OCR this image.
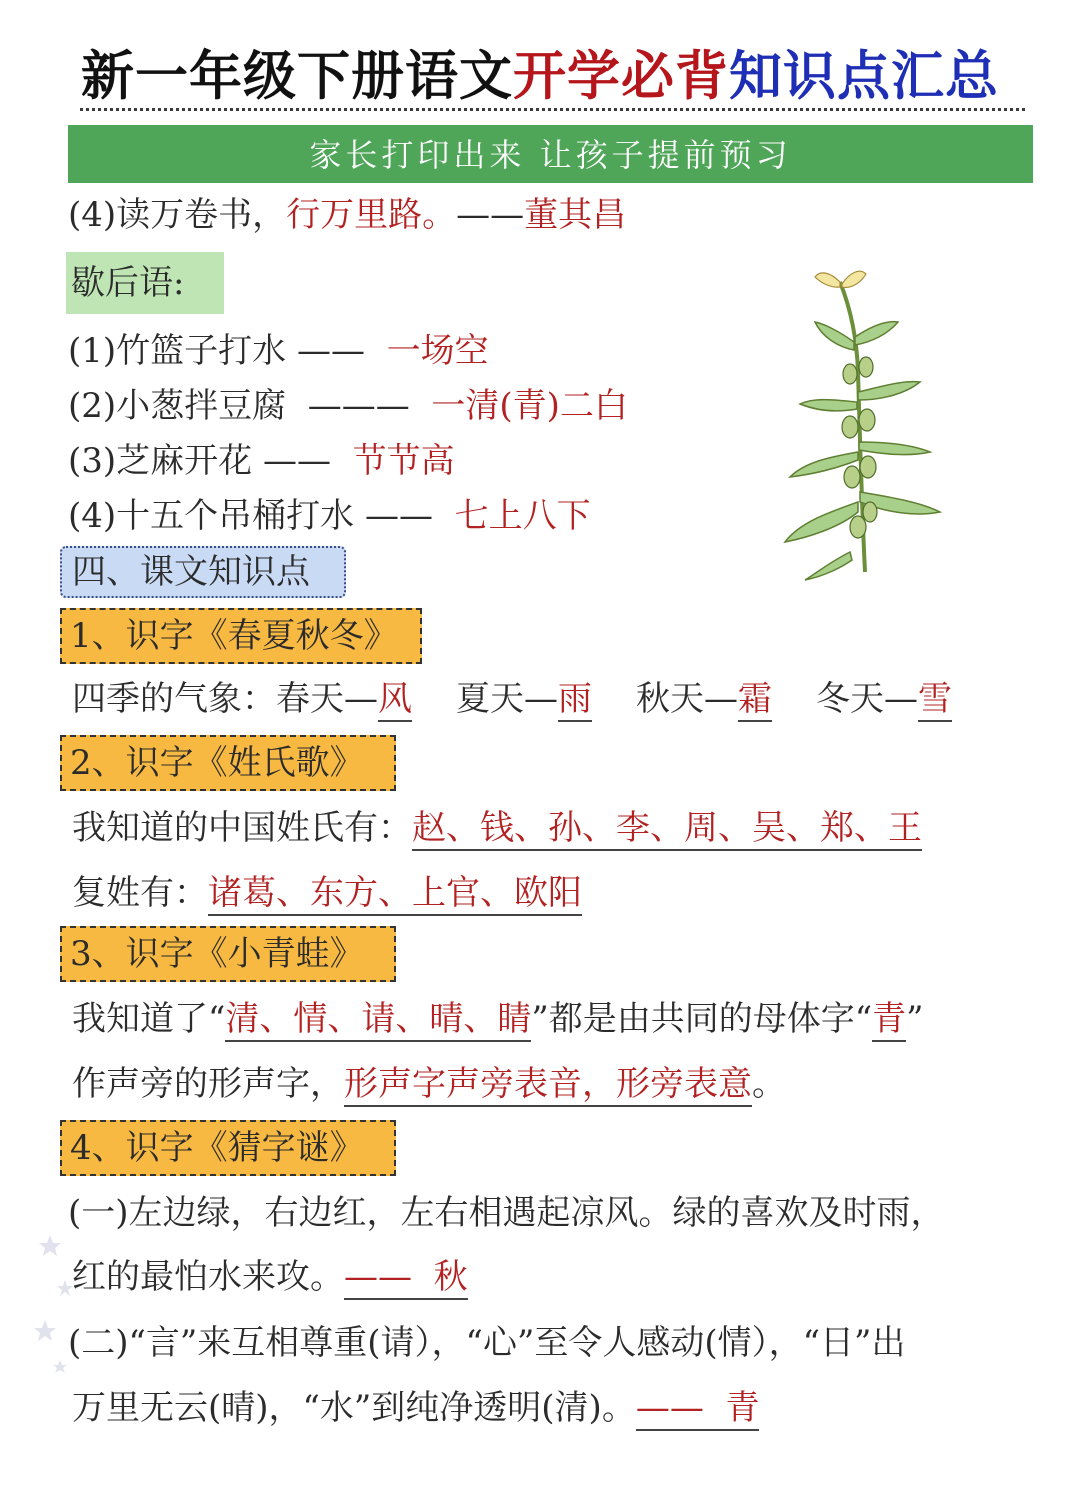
新一年级下册语文开学必背知识点汇总
家长打印出来 让孩子提前预习
(4)读万卷书，行万里路。——董其昌
歇后语:
(1)竹篮子打水 —— 一场空
(2)小葱拌豆腐 ——— 一清(青)二白
(3)芝麻开花 —— 节节高
(4)十五个吊桶打水 —— 七上八下
四、课文知识点
1、识字《春夏秋冬》
四季的气象：春天—风 夏天—雨 秋天—霜 冬天—雪
2、识字《姓氏歌》
我知道的中国姓氏有：赵、钱、孙、李、周、吴、郑、王
复姓有：诸葛、东方、上官、欧阳
3、识字《小青蛙》
我知道了“清、情、请、晴、睛”都是由共同的母体字“青”
作声旁的形声字，形声字声旁表音，形旁表意。
4、识字《猜字谜》
(一)左边绿，右边红，左右相遇起凉风。绿的喜欢及时雨，
红的最怕水来攻。—— 秋
(二)“言”来互相尊重(请），“心”至令人感动(情），“日”出
万里无云(晴)，“水”到纯净透明(清)。—— 青
